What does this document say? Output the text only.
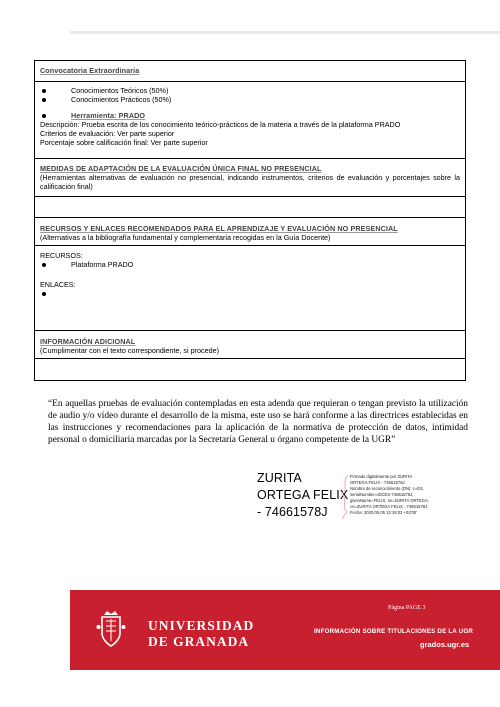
Convocatoria Extraordinaria
Conocimientos Teóricos (50%)
Conocimientos Prácticos (50%)
Herramienta: PRADO
Descripción: Prueba escrita de los conocimiento teórico-prácticos de la materia a través de la plataforma PRADO
Criterios de evaluación: Ver parte superior
Porcentaje sobre calificación final: Ver parte superior
MEDIDAS DE ADAPTACIÓN DE LA EVALUACIÓN ÚNICA FINAL NO PRESENCIAL
(Herramientas alternativas de evaluación no presencial, indicando instrumentos, criterios de evaluación y porcentajes sobre la calificación final)
RECURSOS Y ENLACES RECOMENDADOS PARA EL APRENDIZAJE Y EVALUACIÓN NO PRESENCIAL
(Alternativas a la bibliografía fundamental y complementaria recogidas en la Guía Docente)
RECURSOS:
Plataforma PRADO
ENLACES:
INFORMACIÓN ADICIONAL
(Cumplimentar con el texto correspondiente, si procede)
“En aquellas pruebas de evaluación contempladas en esta adenda que requieran o tengan previsto la utilización de audio y/o vídeo durante el desarrollo de la misma, este uso se hará conforme a las directrices establecidas en las instrucciones y recomendaciones para la aplicación de la normativa de protección de datos, intimidad personal o domiciliaria marcadas por la Secretaría General u órgano competente de la UGR”
ZURITA
ORTEGA FELIX
- 74661578J
Firmado digitalmente por ZURITA
ORTEGA FELIX - 74661578J
Nombre de reconocimiento (DN): c=ES,
serialNumber=IDCES-74661578J,
givenName=FELIX, sn=ZURITA ORTEGA,
cn=ZURITA ORTEGA FELIX - 74661578J
Fecha: 2020.05.05 13:19:03 +02'00'
UNIVERSIDAD
DE GRANADA
Página PAGE 3
INFORMACIÓN SOBRE TITULACIONES DE LA UGR
grados.ugr.es
